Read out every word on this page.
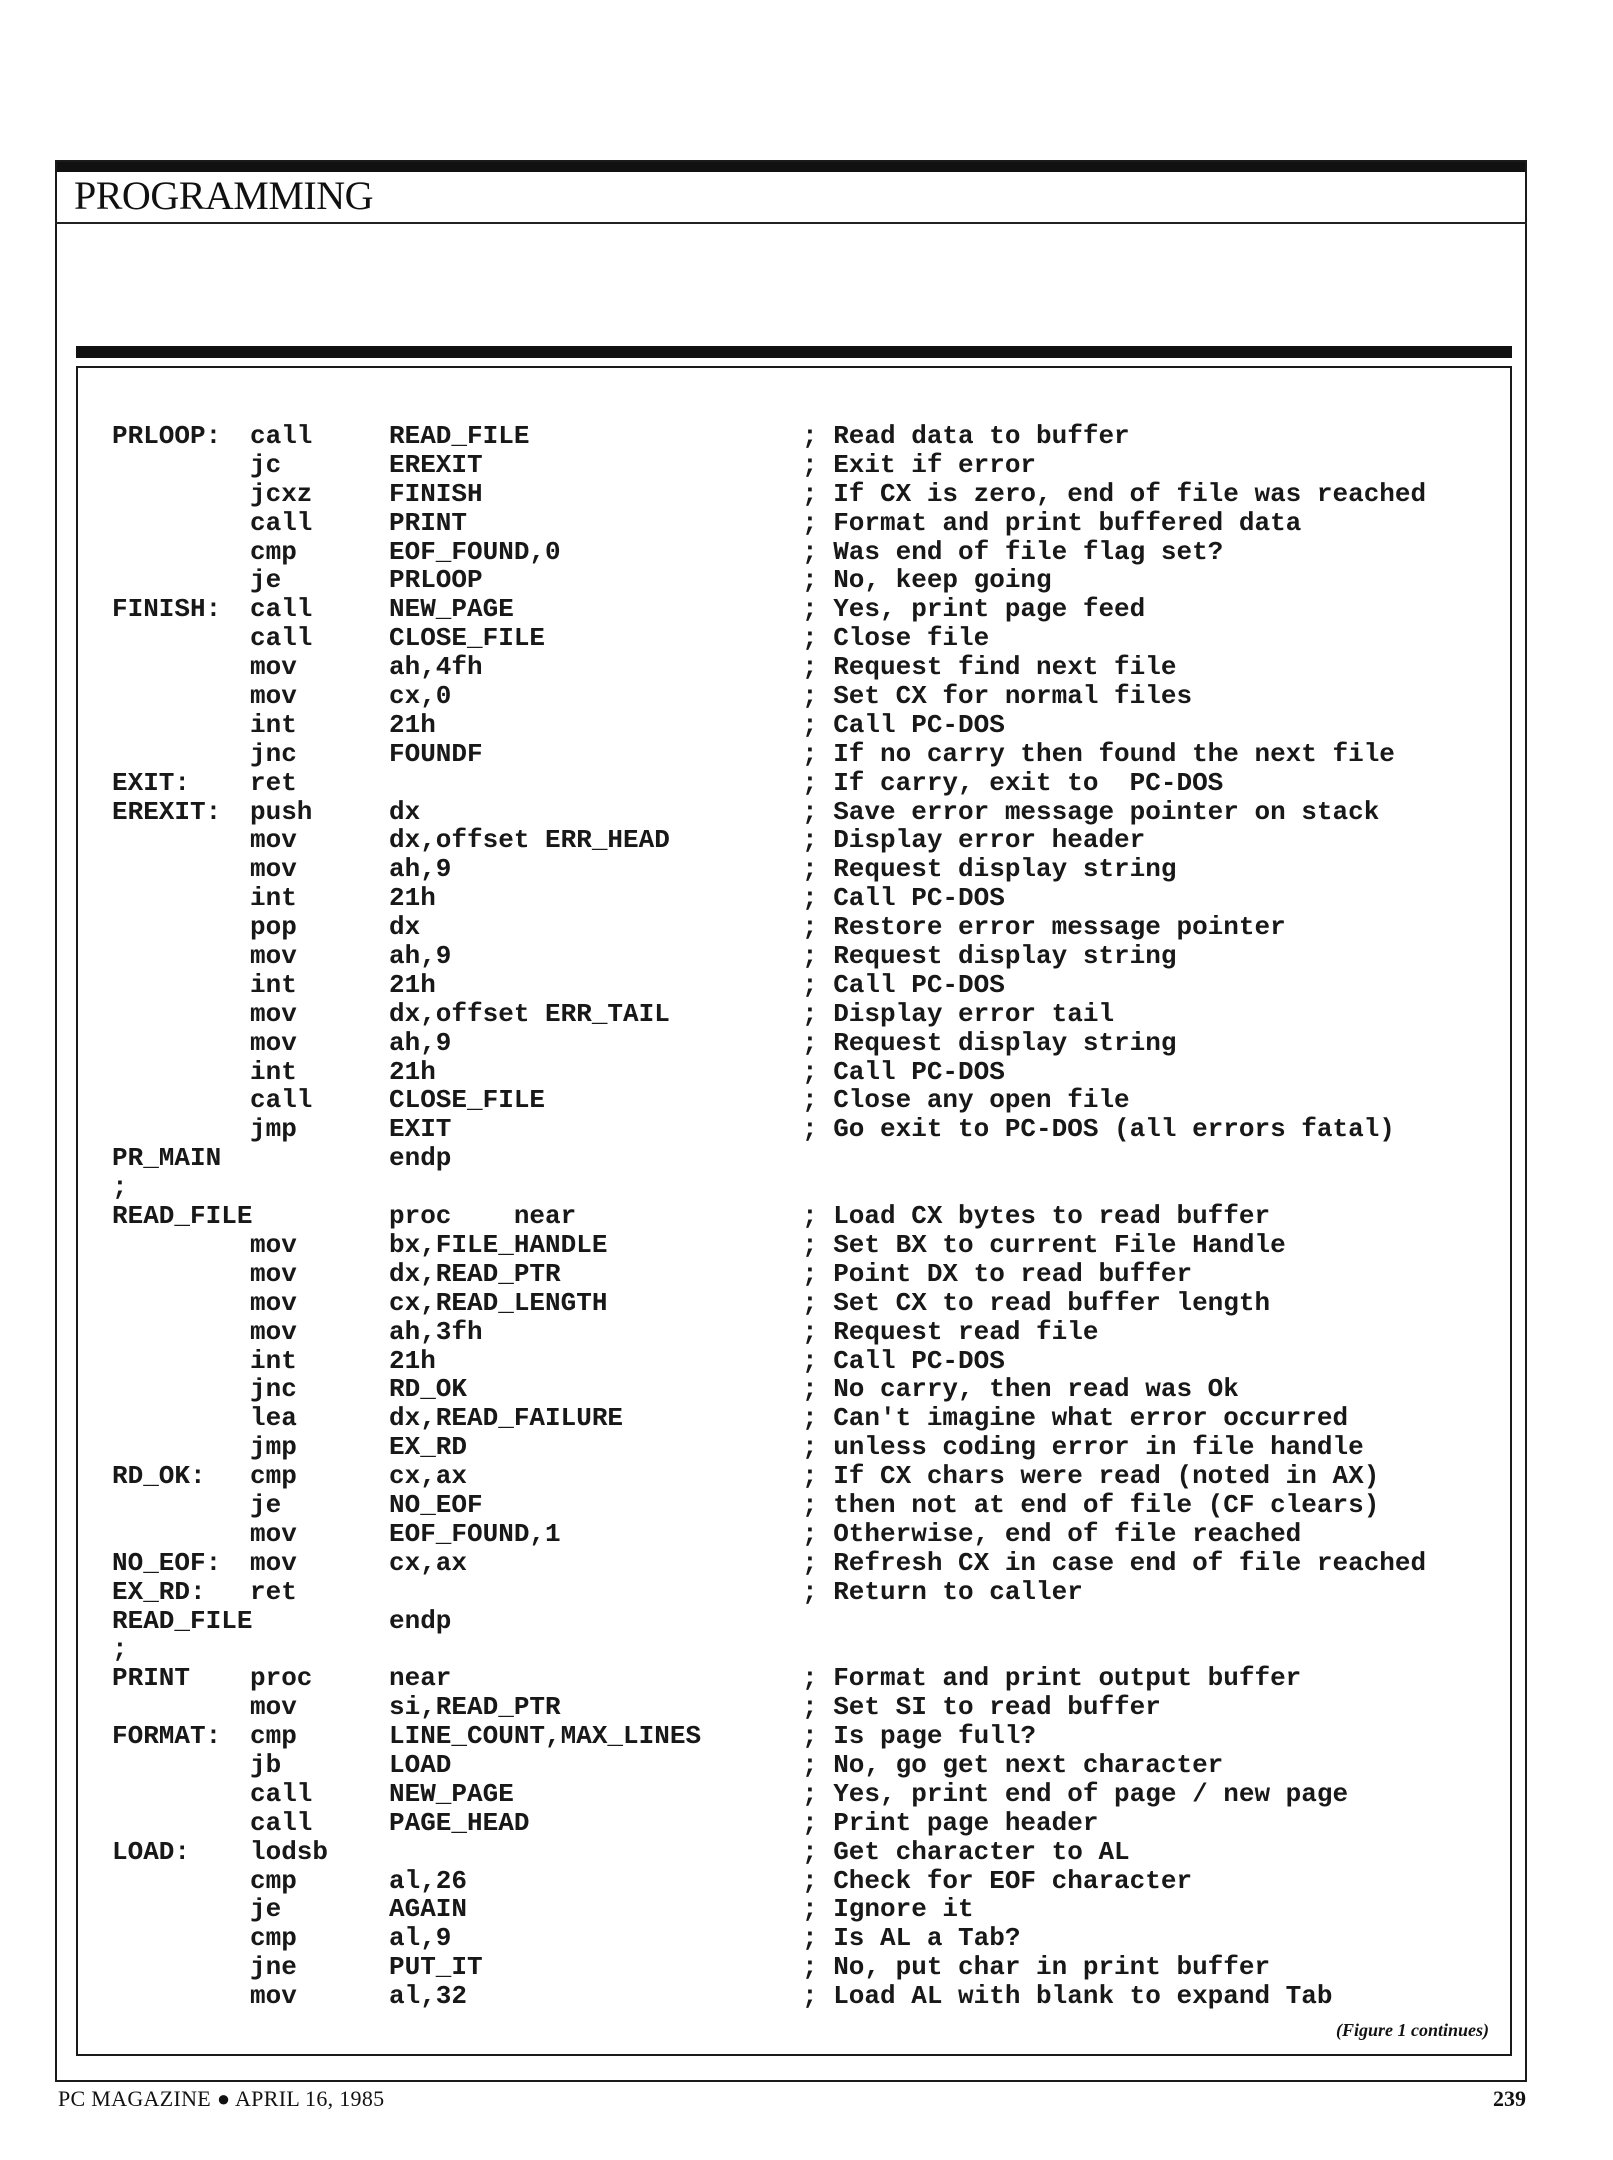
PROGRAMMING
PRLOOP: call	READ_FILE	; Read data to buffer
jc	EREXIT	; Exit if error
jcxz	FINISH	; If CX is zero, end of file was reached
call	PRINT	; Format and print buffered data
cmp	EOF_FOUND,0	; Was end of file flag set?
je	PRLOOP	; No, keep going
FINISH: call	NEW_PAGE	; Yes, print page feed
call	CLOSE_FILE	; Close file
mov	ah,4fh	; Request find next file
mov	cx,0	; Set CX for normal files
int	21h	; Call PC-DOS
jnc	FOUNDF	; If no carry then found the next file
EXIT: ret	; If carry, exit to  PC-DOS
EREXIT: push	dx	; Save error message pointer on stack
mov	dx,offset ERR_HEAD	; Display error header
mov	ah,9	; Request display string
int	21h	; Call PC-DOS
pop	dx	; Restore error message pointer
mov	ah,9	; Request display string
int	21h	; Call PC-DOS
mov	dx,offset ERR_TAIL	; Display error tail
mov	ah,9	; Request display string
int	21h	; Call PC-DOS
call	CLOSE_FILE	; Close any open file
jmp	EXIT	; Go exit to PC-DOS (all errors fatal)
PR_MAIN	endp
;
READ_FILE	proc    near	; Load CX bytes to read buffer
mov	bx,FILE_HANDLE	; Set BX to current File Handle
mov	dx,READ_PTR	; Point DX to read buffer
mov	cx,READ_LENGTH	; Set CX to read buffer length
mov	ah,3fh	; Request read file
int	21h	; Call PC-DOS
jnc	RD_OK	; No carry, then read was Ok
lea	dx,READ_FAILURE	; Can't imagine what error occurred
jmp	EX_RD	; unless coding error in file handle
RD_OK: cmp	cx,ax	; If CX chars were read (noted in AX)
je	NO_EOF	; then not at end of file (CF clears)
mov	EOF_FOUND,1	; Otherwise, end of file reached
NO_EOF: mov	cx,ax	; Refresh CX in case end of file reached
EX_RD: ret	; Return to caller
READ_FILE	endp
;
PRINT proc	near	; Format and print output buffer
mov	si,READ_PTR	; Set SI to read buffer
FORMAT: cmp	LINE_COUNT,MAX_LINES	; Is page full?
jb	LOAD	; No, go get next character
call	NEW_PAGE	; Yes, print end of page / new page
call	PAGE_HEAD	; Print page header
LOAD: lodsb	; Get character to AL
cmp	al,26	; Check for EOF character
je	AGAIN	; Ignore it
cmp	al,9	; Is AL a Tab?
jne	PUT_IT	; No, put char in print buffer
mov	al,32	; Load AL with blank to expand Tab
(Figure 1 continues)
PC MAGAZINE ● APRIL 16, 1985	239
